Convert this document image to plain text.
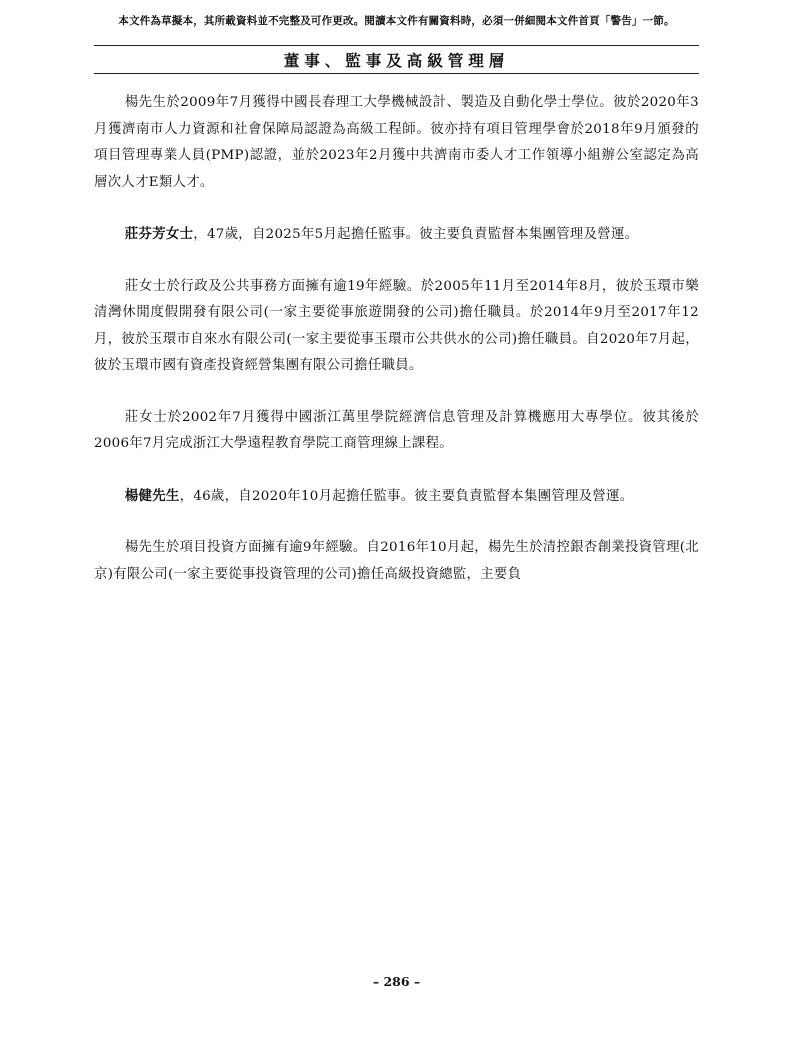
本文件為草擬本，其所載資料並不完整及可作更改。閱讀本文件有關資料時，必須一併細閱本文件首頁「警告」一節。
董事、監事及高級管理層

楊先生於2009年7月獲得中國長春理工大學機械設計、製造及自動化學士學位。彼於2020年3月獲濟南市人力資源和社會保障局認證為高級工程師。彼亦持有項目管理學會於2018年9月頒發的項目管理專業人員(PMP)認證，並於2023年2月獲中共濟南市委人才工作領導小組辦公室認定為高層次人才E類人才。

莊芬芳女士，47歲，自2025年5月起擔任監事。彼主要負責監督本集團管理及營運。

莊女士於行政及公共事務方面擁有逾19年經驗。於2005年11月至2014年8月，彼於玉環市樂清灣休閒度假開發有限公司(一家主要從事旅遊開發的公司)擔任職員。於2014年9月至2017年12月，彼於玉環市自來水有限公司(一家主要從事玉環市公共供水的公司)擔任職員。自2020年7月起，彼於玉環市國有資產投資經營集團有限公司擔任職員。

莊女士於2002年7月獲得中國浙江萬里學院經濟信息管理及計算機應用大專學位。彼其後於2006年7月完成浙江大學遠程教育學院工商管理線上課程。

楊健先生，46歲，自2020年10月起擔任監事。彼主要負責監督本集團管理及營運。

楊先生於項目投資方面擁有逾9年經驗。自2016年10月起，楊先生於清控銀杏創業投資管理(北京)有限公司(一家主要從事投資管理的公司)擔任高級投資總監，主要負

– 286 –
